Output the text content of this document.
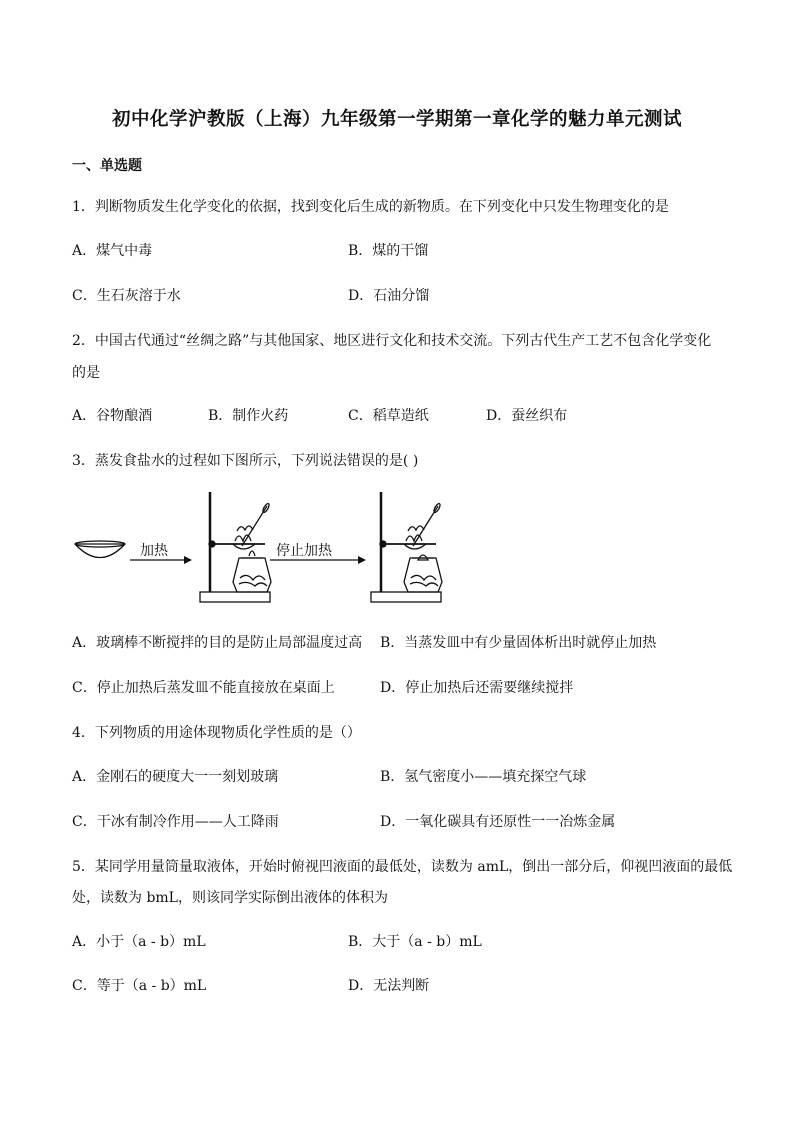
初中化学沪教版（上海）九年级第一学期第一章化学的魅力单元测试
一、单选题
1．判断物质发生化学变化的依据，找到变化后生成的新物质。在下列变化中只发生物理变化的是
A．煤气中毒	B．煤的干馏
C．生石灰溶于水	D．石油分馏
2．中国古代通过“丝绸之路”与其他国家、地区进行文化和技术交流。下列古代生产工艺不包含化学变化
的是
A．谷物酿酒	B．制作火药	C．稻草造纸	D．蚕丝织布
3．蒸发食盐水的过程如下图所示，下列说法错误的是( )
加热	停止加热
A．玻璃棒不断搅拌的目的是防止局部温度过高 B．当蒸发皿中有少量固体析出时就停止加热
C．停止加热后蒸发皿不能直接放在桌面上	D．停止加热后还需要继续搅拌
4．下列物质的用途体现物质化学性质的是（）
A．金刚石的硬度大一一刻划玻璃	B．氢气密度小——填充探空气球
C．干冰有制冷作用——人工降雨	D．一氧化碳具有还原性一一冶炼金属
5．某同学用量筒量取液体，开始时俯视凹液面的最低处，读数为 amL，倒出一部分后，仰视凹液面的最低
处，读数为 bmL，则该同学实际倒出液体的体积为
A．小于（a - b）mL	B．大于（a - b）mL
C．等于（a - b）mL	D．无法判断
